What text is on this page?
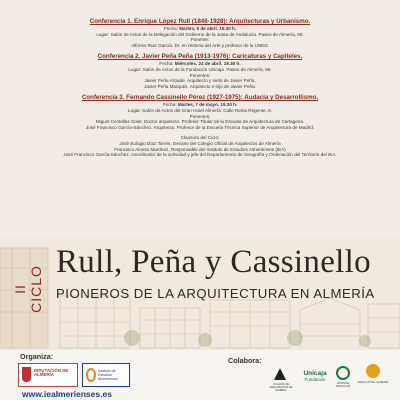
Conferencia 1. Enrique López Rull (1846-1928): Arquitecturas y Urbanismo.
Fecha: Martes, 9 de abril. 19.30 h.
Lugar: Salón de Actos de la Delegación del Gobierno de la Junta de Andalucía. Paseo de Almería, 68.
Ponente:
Alfonso Ruiz García. Dr. en Historia del Arte y profesor de la UNED.
Conferencia 2. Javier Peña Peña (1913-1976): Caricaturas y Capiteles.
Fecha: Miércoles, 24 de abril. 19.30 h.
Lugar: Salón de Actos de la Fundación Unicaja. Paseo de Almería, 69.
Ponentes:
Javier Peña Alcaide. Arquitecto y nieto de Javier Peña.
Javier Peña Marquéz. Arquitecto e hijo de Javier Peña.
Conferencia 3. Fernando Cassinello Pérez (1927-1975): Audacia y Desarrollismo.
Fecha: Martes, 7 de mayo. 19.30 h.
Lugar: Salón de Actos del Gran Hotel Almería. Calle Reina Regente, 8.
Ponentes:
Miguel Centellas Soler. Doctor arquitecto. Profesor Titular de la Escuela de Arquitectura de Cartagena.
José Francisco García-Sánchez. Arquitecto. Profesor de la Escuela Técnica Superior de Arquitectura de Madrid.
Clausura del Ciclo:
José Eulogio Díaz Torres, Decano del Colegio Oficial de Arquitectos de Almería
Francisco Alonso Martínez, Responsable del Instituto de Estudios Almerienses (IEA)
José Francisco García-Sánchez, coordinador de la actividad y jefe del Departamento de Geografía y Ordenación del Territorio del IEA.
II CICLO
Rull, Peña y Cassinello
PIONEROS DE LA ARQUITECTURA EN ALMERÍA
Organiza:	Colabora:
DIPUTACIÓN DE ALMERÍA
Instituto de Estudios Almerienses
www.iealmerienses.es
COLEGIO DE ARQUITECTOS DE ALMERÍA
Unicaja
Fundación
JUNTA DE ANDALUCÍA
GRAN HOTEL ALMERÍA
